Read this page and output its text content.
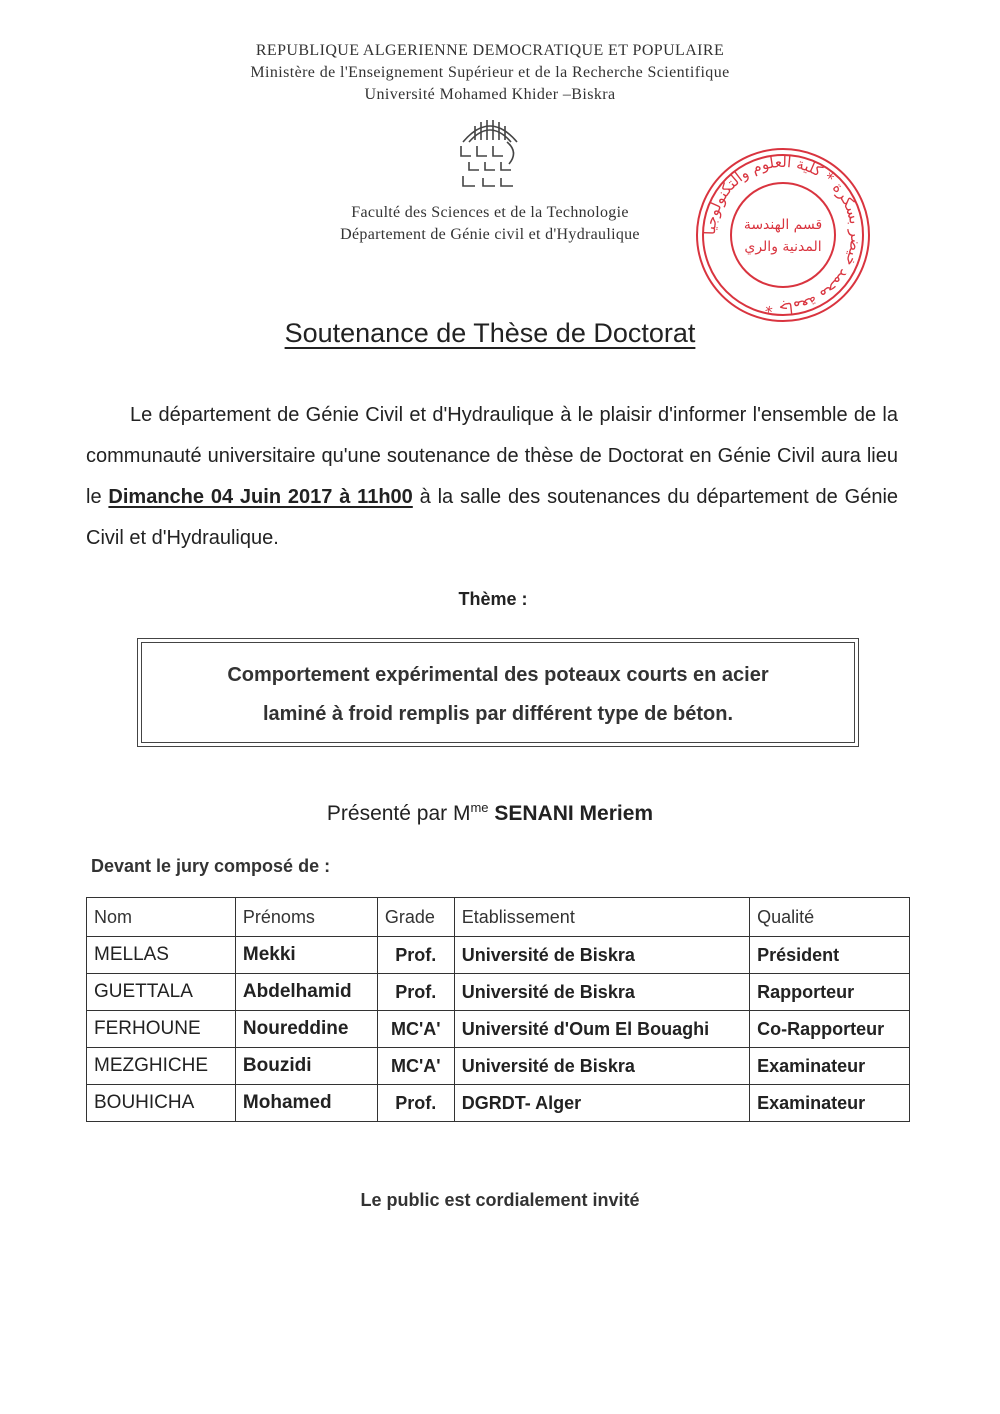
REPUBLIQUE ALGERIENNE DEMOCRATIQUE ET POPULAIRE
Ministère de l'Enseignement Supérieur et de la Recherche Scientifique
Université Mohamed Khider –Biskra
Faculté des Sciences et de la Technologie
Département de Génie civil et d'Hydraulique	جامعة محمد خيضر بسكرة * كلية العلوم والتكنولوجيا *
قسم الهندسة
المدنية والري
Soutenance de Thèse de Doctorat
Le département de Génie Civil et d'Hydraulique à le plaisir d'informer l'ensemble de la communauté universitaire qu'une soutenance de thèse de Doctorat en Génie Civil aura lieu le Dimanche 04 Juin 2017 à 11h00 à la salle des soutenances du département de Génie Civil et d'Hydraulique.
Thème :
Comportement expérimental des poteaux courts en acier
laminé à froid remplis par différent type de béton.
Présenté par $M^{me}$ SENANI Meriem
Devant le jury composé de :
Nom	Prénoms	Grade	Etablissement	Qualité
MELLAS	Mekki	Prof.	Université de Biskra	Président
GUETTALA	Abdelhamid	Prof.	Université de Biskra	Rapporteur
FERHOUNE	Noureddine	MC'A'	Université d'Oum El Bouaghi	Co-Rapporteur
MEZGHICHE	Bouzidi	MC'A'	Université de Biskra	Examinateur
BOUHICHA	Mohamed	Prof.	DGRDT- Alger	Examinateur
Le public est cordialement invité
